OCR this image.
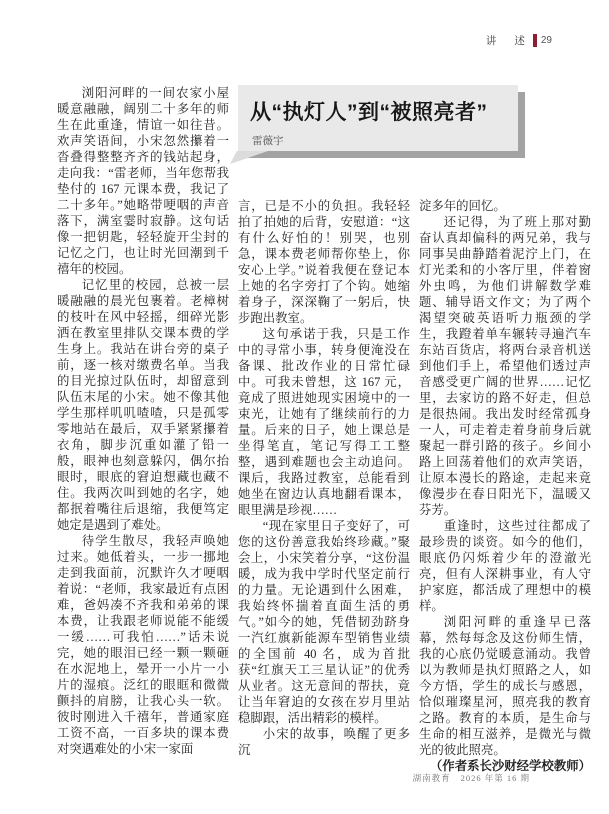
讲 述 29
从“执灯人”到“被照亮者”

雷薇宇

浏阳河畔的一间农家小屋暖意融融，阔别二十多年的师生在此重逢，情谊一如往昔。欢声笑语间，小宋忽然攥着一沓叠得整整齐齐的钱站起身，走向我：“雷老师，当年您帮我垫付的 167 元课本费，我记了二十多年。”她略带哽咽的声音落下，满室霎时寂静。这句话像一把钥匙，轻轻旋开尘封的记忆之门，也让时光回潮到千禧年的校园。

记忆里的校园，总被一层暖融融的晨光包裹着。老樟树的枝叶在风中轻摇，细碎光影洒在教室里排队交课本费的学生身上。我站在讲台旁的桌子前，逐一核对缴费名单。当我的目光掠过队伍时，却留意到队伍末尾的小宋。她不像其他学生那样叽叽喳喳，只是孤零零地站在最后，双手紧紧攥着衣角，脚步沉重如灌了铅一般，眼神也刻意躲闪，偶尔抬眼时，眼底的窘迫想藏也藏不住。我两次叫到她的名字，她都抿着嘴往后退缩，我便笃定她定是遇到了难处。

待学生散尽，我轻声唤她过来。她低着头，一步一挪地走到我面前，沉默许久才哽咽着说：“老师，我家最近有点困难，爸妈凑不齐我和弟弟的课本费，让我跟老师说能不能缓一缓……可我怕……”话未说完，她的眼泪已经一颗一颗砸在水泥地上，晕开一小片一小片的湿痕。泛红的眼眶和微微颤抖的肩膀，让我心头一软。彼时刚进入千禧年，普通家庭工资不高，一百多块的课本费对突遇难处的小宋一家面

言，已是不小的负担。我轻轻拍了拍她的后背，安慰道：“这有什么好怕的！别哭，也别急，课本费老师帮你垫上，你安心上学。”说着我便在登记本上她的名字旁打了个钩。她缩着身子，深深鞠了一躬后，快步跑出教室。

这句承诺于我，只是工作中的寻常小事，转身便淹没在备课、批改作业的日常忙碌中。可我未曾想，这 167 元，竟成了照进她现实困境中的一束光，让她有了继续前行的力量。后来的日子，她上课总是坐得笔直，笔记写得工工整整，遇到难题也会主动追问。课后，我路过教室，总能看到她坐在窗边认真地翻看课本，眼里满是珍视……

“现在家里日子变好了，可您的这份善意我始终珍藏。”聚会上，小宋笑着分享，“这份温暖，成为我中学时代坚定前行的力量。无论遇到什么困难，我始终怀揣着直面生活的勇气。”如今的她，凭借韧劲跻身一汽红旗新能源车型销售业绩的全国前 40 名，成为首批获“红旗天工三星认证”的优秀从业者。这无意间的帮扶，竟让当年窘迫的女孩在岁月里站稳脚跟，活出精彩的模样。

小宋的故事，唤醒了更多沉

淀多年的回忆。

还记得，为了班上那对勤奋认真却偏科的两兄弟，我与同事吴曲静踏着泥泞上门，在灯光柔和的小客厅里，伴着窗外虫鸣，为他们讲解数学难题、辅导语文作文；为了两个渴望突破英语听力瓶颈的学生，我蹬着单车辗转寻遍汽车东站百货店，将两台录音机送到他们手上，希望他们透过声音感受更广阔的世界……记忆里，去家访的路不好走，但总是很热闹。我出发时经常孤身一人，可走着走着身前身后就聚起一群引路的孩子。乡间小路上回荡着他们的欢声笑语，让原本漫长的路途，走起来竟像漫步在春日阳光下，温暖又芬芳。

重逢时，这些过往都成了最珍贵的谈资。如今的他们，眼底仍闪烁着少年的澄澈光亮，但有人深耕事业，有人守护家庭，都活成了理想中的模样。

浏阳河畔的重逢早已落幕，然每每念及这份师生情，我的心底仍觉暖意涌动。我曾以为教师是执灯照路之人，如今方悟，学生的成长与感恩，恰似璀璨星河，照亮我的教育之路。教育的本质，是生命与生命的相互滋养，是微光与微光的彼此照亮。

（作者系长沙财经学校教师）

湖南教育 2026 年第 16 期
